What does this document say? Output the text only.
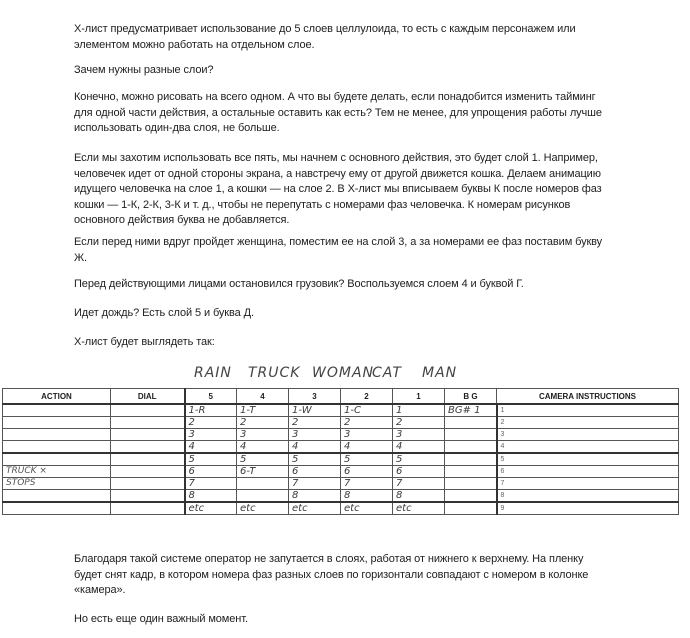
Х-лист предусматривает использование до 5 слоев целлулоида, то есть с каждым персонажем или элементом можно работать на отдельном слое.

Зачем нужны разные слои?

Конечно, можно рисовать на всего одном. А что вы будете делать, если понадобится изменить тайминг для одной части действия, а остальные оставить как есть? Тем не менее, для упрощения работы лучше использовать один-два слоя, не больше.

Если мы захотим использовать все пять, мы начнем с основного действия, это будет слой 1. Например, человечек идет от одной стороны экрана, а навстречу ему от другой движется кошка. Делаем анимацию идущего человечка на слое 1, а кошки — на слое 2. В Х-лист мы вписываем буквы К после номеров фаз кошки — 1-К, 2-К, 3-К и т. д., чтобы не перепутать с номерами фаз человечка. К номерам рисунков основного действия буква не добавляется.

Если перед ними вдруг пройдет женщина, поместим ее на слой 3, а за номерами ее фаз поставим букву Ж.

Перед действующими лицами остановился грузовик? Воспользуемся слоем 4 и буквой Г.

Идет дождь? Есть слой 5 и буква Д.

Х-лист будет выглядеть так:

RAIN TRUCK WOMAN
CAT MAN
ACTION	DIAL	5	4	3	2	1	B G	CAMERA INSTRUCTIONS
		1-R	1-T	1-W	1-C	1	BG# 1	1
		2	2	2	2	2		2
		3	3	3	3	3		3
		4	4	4	4	4		4
		5	5	5	5	5		5
TRUCK ×		6	6-T	6	6	6		6
STOPS		7		7	7	7		7
		8		8	8	8		8
		etc	etc	etc	etc	etc		9

Благодаря такой системе оператор не запутается в слоях, работая от нижнего к верхнему. На пленку будет снят кадр, в котором номера фаз разных слоев по горизонтали совпадают с номером в колонке «камера».

Но есть еще один важный момент.
